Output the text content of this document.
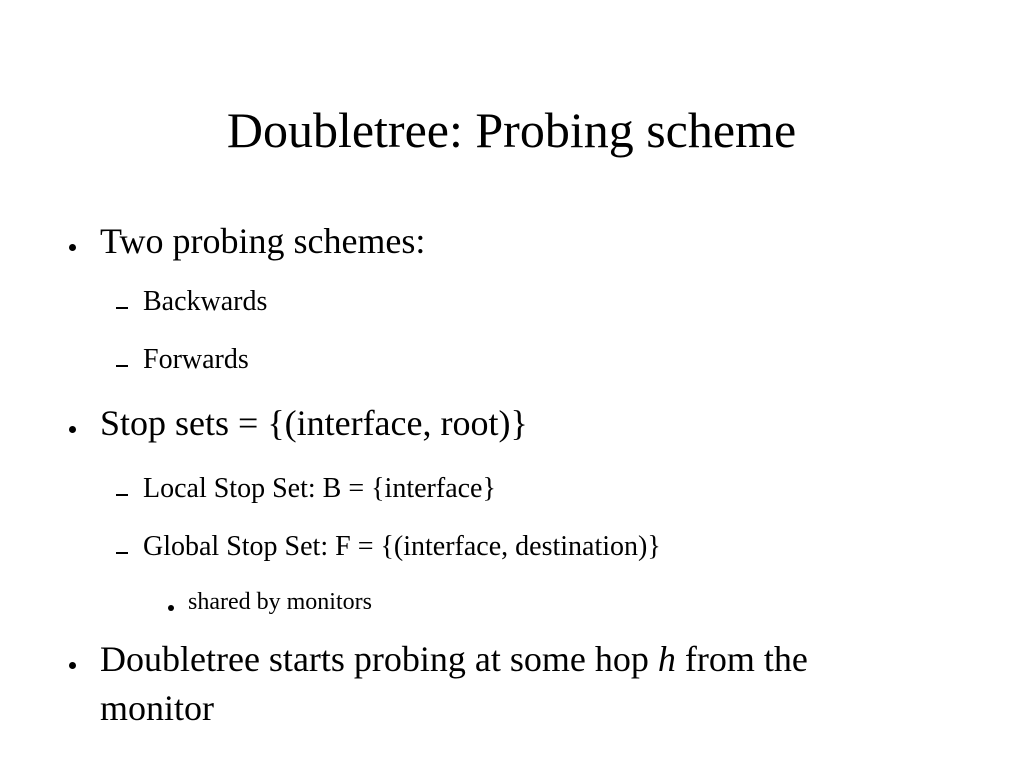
Doubletree: Probing scheme
Two probing schemes:
Backwards
Forwards
Stop sets = {(interface, root)}
Local Stop Set: B = {interface}
Global Stop Set: F = {(interface, destination)}
shared by monitors
Doubletree starts probing at some hop h from the
monitor
